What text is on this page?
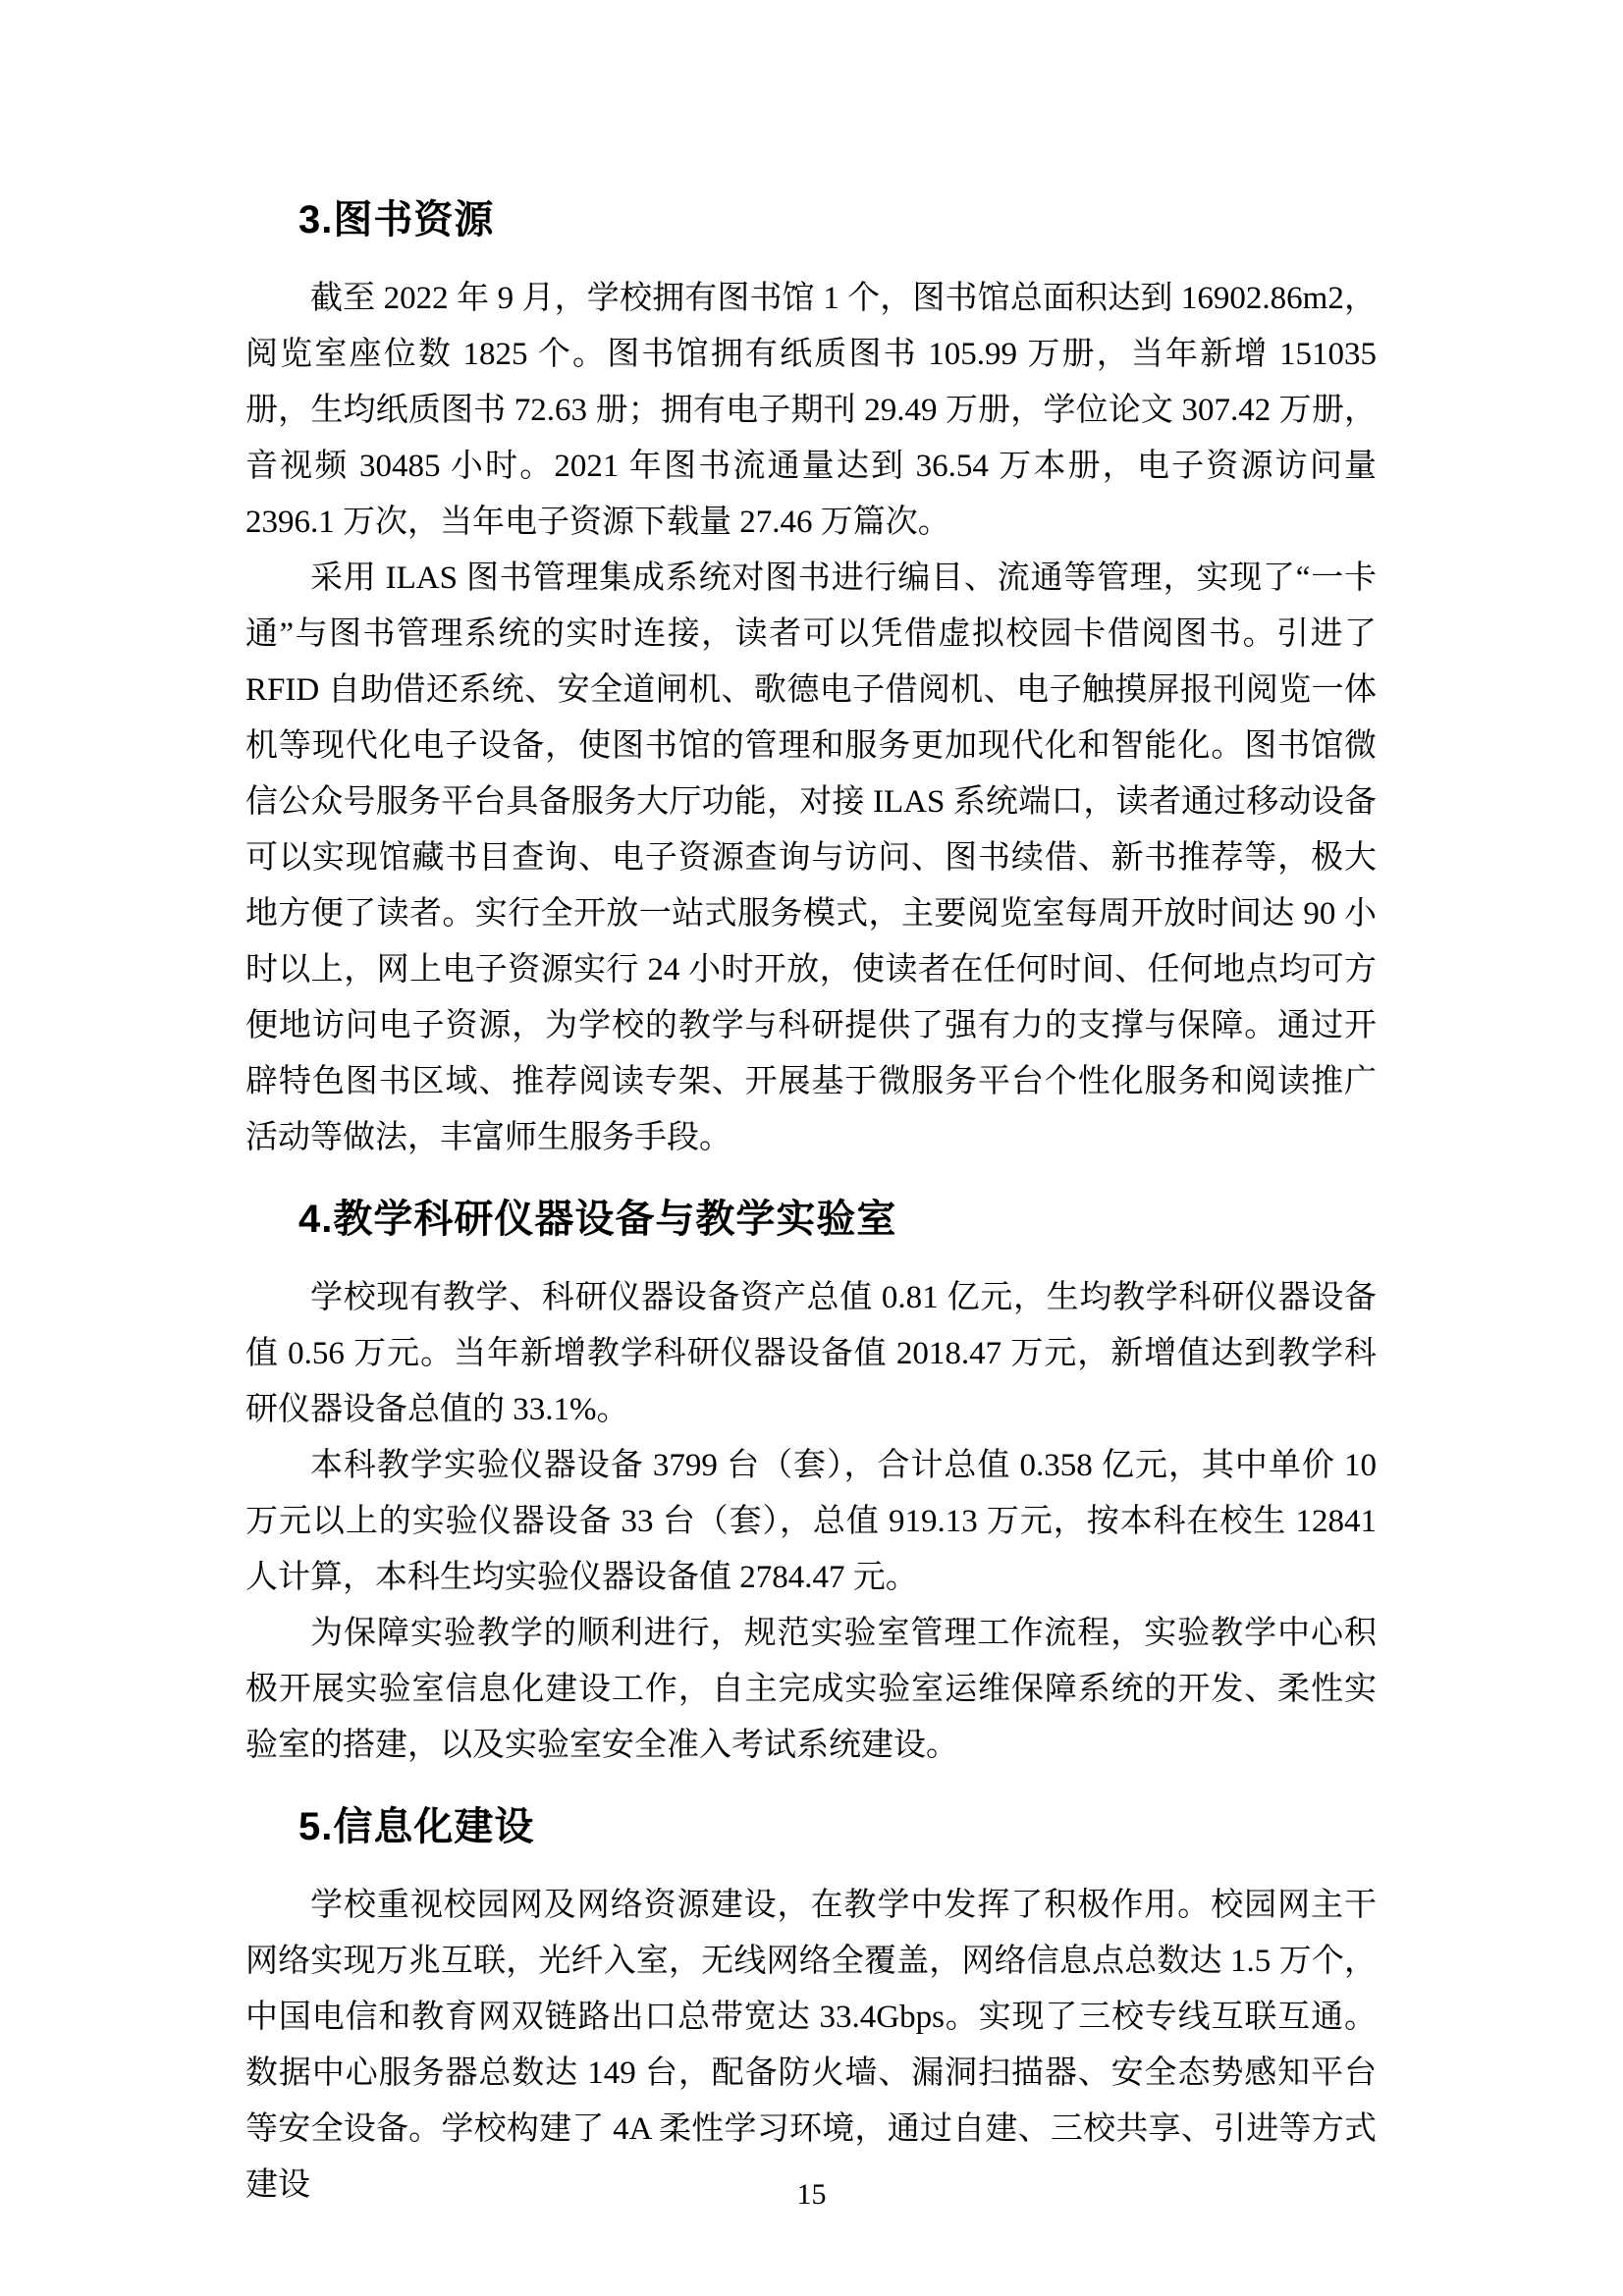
3.图书资源

截至 2022 年 9 月，学校拥有图书馆 1 个，图书馆总面积达到 16902.86m2，阅览室座位数 1825 个。图书馆拥有纸质图书 105.99 万册，当年新增 151035 册，生均纸质图书 72.63 册；拥有电子期刊 29.49 万册，学位论文 307.42 万册，音视频 30485 小时。2021 年图书流通量达到 36.54 万本册，电子资源访问量 2396.1 万次，当年电子资源下载量 27.46 万篇次。

采用 ILAS 图书管理集成系统对图书进行编目、流通等管理，实现了“一卡通”与图书管理系统的实时连接，读者可以凭借虚拟校园卡借阅图书。引进了 RFID 自助借还系统、安全道闸机、歌德电子借阅机、电子触摸屏报刊阅览一体机等现代化电子设备，使图书馆的管理和服务更加现代化和智能化。图书馆微信公众号服务平台具备服务大厅功能，对接 ILAS 系统端口，读者通过移动设备可以实现馆藏书目查询、电子资源查询与访问、图书续借、新书推荐等，极大地方便了读者。实行全开放一站式服务模式，主要阅览室每周开放时间达 90 小时以上，网上电子资源实行 24 小时开放，使读者在任何时间、任何地点均可方便地访问电子资源，为学校的教学与科研提供了强有力的支撑与保障。通过开辟特色图书区域、推荐阅读专架、开展基于微服务平台个性化服务和阅读推广活动等做法，丰富师生服务手段。

4.教学科研仪器设备与教学实验室

学校现有教学、科研仪器设备资产总值 0.81 亿元，生均教学科研仪器设备值 0.56 万元。当年新增教学科研仪器设备值 2018.47 万元，新增值达到教学科研仪器设备总值的 33.1%。

本科教学实验仪器设备 3799 台（套），合计总值 0.358 亿元，其中单价 10 万元以上的实验仪器设备 33 台（套），总值 919.13 万元，按本科在校生 12841 人计算，本科生均实验仪器设备值 2784.47 元。

为保障实验教学的顺利进行，规范实验室管理工作流程，实验教学中心积极开展实验室信息化建设工作，自主完成实验室运维保障系统的开发、柔性实验室的搭建，以及实验室安全准入考试系统建设。

5.信息化建设

学校重视校园网及网络资源建设，在教学中发挥了积极作用。校园网主干网络实现万兆互联，光纤入室，无线网络全覆盖，网络信息点总数达 1.5 万个，中国电信和教育网双链路出口总带宽达 33.4Gbps。实现了三校专线互联互通。数据中心服务器总数达 149 台，配备防火墙、漏洞扫描器、安全态势感知平台等安全设备。学校构建了 4A 柔性学习环境，通过自建、三校共享、引进等方式建设	15
